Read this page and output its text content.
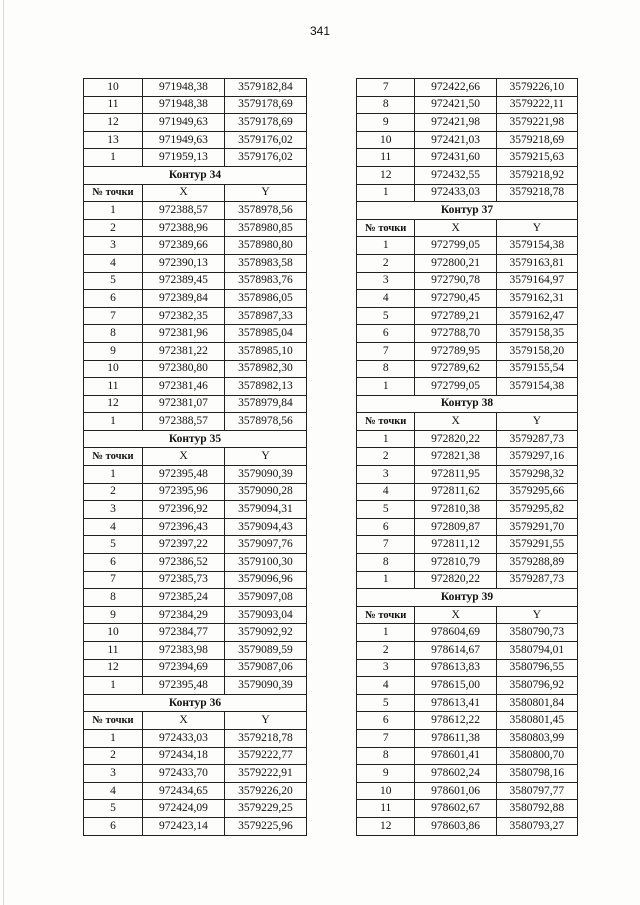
341
10	971948,38	3579182,84
11	971948,38	3579178,69
12	971949,63	3579178,69
13	971949,63	3579176,02
1	971959,13	3579176,02
Контур 34		
№ точки	X	Y
1	972388,57	3578978,56
2	972388,96	3578980,85
3	972389,66	3578980,80
4	972390,13	3578983,58
5	972389,45	3578983,76
6	972389,84	3578986,05
7	972382,35	3578987,33
8	972381,96	3578985,04
9	972381,22	3578985,10
10	972380,80	3578982,30
11	972381,46	3578982,13
12	972381,07	3578979,84
1	972388,57	3578978,56
Контур 35		
№ точки	X	Y
1	972395,48	3579090,39
2	972395,96	3579090,28
3	972396,92	3579094,31
4	972396,43	3579094,43
5	972397,22	3579097,76
6	972386,52	3579100,30
7	972385,73	3579096,96
8	972385,24	3579097,08
9	972384,29	3579093,04
10	972384,77	3579092,92
11	972383,98	3579089,59
12	972394,69	3579087,06
1	972395,48	3579090,39
Контур 36		
№ точки	X	Y
1	972433,03	3579218,78
2	972434,18	3579222,77
3	972433,70	3579222,91
4	972434,65	3579226,20
5	972424,09	3579229,25
6	972423,14	3579225,96
7	972422,66	3579226,10
8	972421,50	3579222,11
9	972421,98	3579221,98
10	972421,03	3579218,69
11	972431,60	3579215,63
12	972432,55	3579218,92
1	972433,03	3579218,78
Контур 37		
№ точки	X	Y
1	972799,05	3579154,38
2	972800,21	3579163,81
3	972790,78	3579164,97
4	972790,45	3579162,31
5	972789,21	3579162,47
6	972788,70	3579158,35
7	972789,95	3579158,20
8	972789,62	3579155,54
1	972799,05	3579154,38
Контур 38		
№ точки	X	Y
1	972820,22	3579287,73
2	972821,38	3579297,16
3	972811,95	3579298,32
4	972811,62	3579295,66
5	972810,38	3579295,82
6	972809,87	3579291,70
7	972811,12	3579291,55
8	972810,79	3579288,89
1	972820,22	3579287,73
Контур 39		
№ точки	X	Y
1	978604,69	3580790,73
2	978614,67	3580794,01
3	978613,83	3580796,55
4	978615,00	3580796,92
5	978613,41	3580801,84
6	978612,22	3580801,45
7	978611,38	3580803,99
8	978601,41	3580800,70
9	978602,24	3580798,16
10	978601,06	3580797,77
11	978602,67	3580792,88
12	978603,86	3580793,27
